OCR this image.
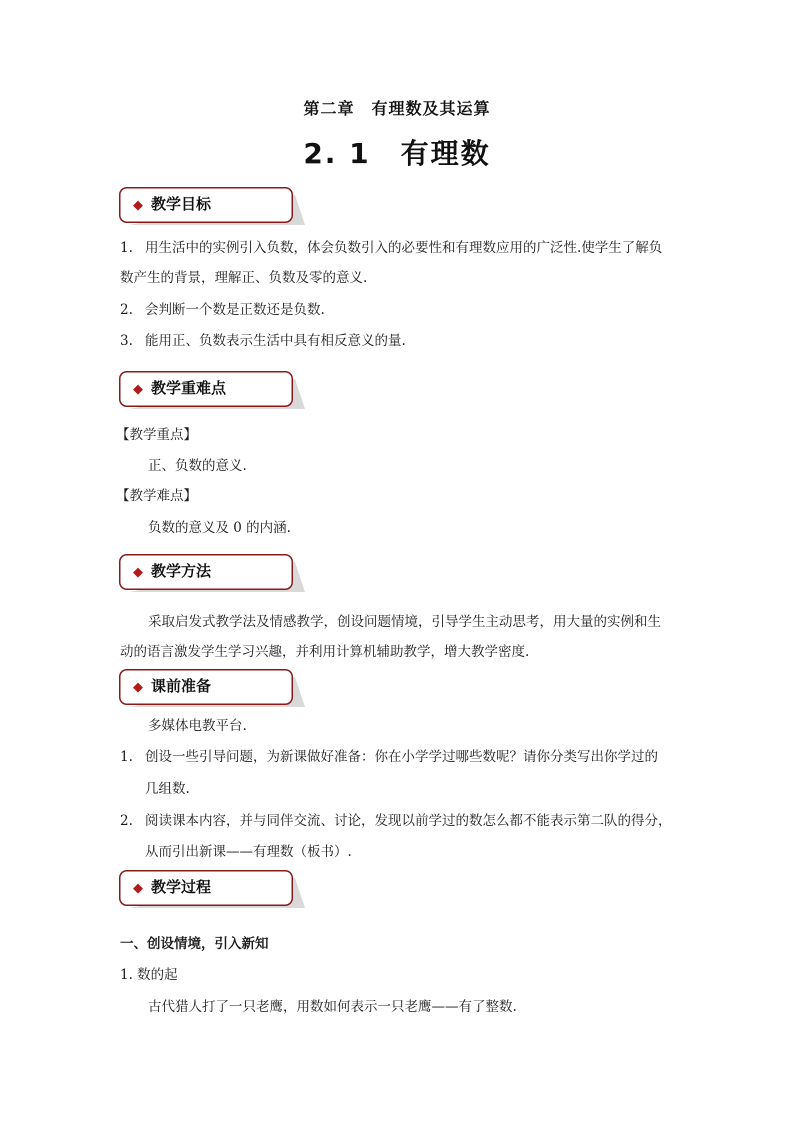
第二章　有理数及其运算
2. 1　有理数
◆ 教学目标
1. 用生活中的实例引入负数，体会负数引入的必要性和有理数应用的广泛性.使学生了解负
数产生的背景，理解正、负数及零的意义.
2. 会判断一个数是正数还是负数.
3. 能用正、负数表示生活中具有相反意义的量.
◆ 教学重难点
【教学重点】
正、负数的意义.
【教学难点】
负数的意义及 0 的内涵.
◆ 教学方法
采取启发式教学法及情感教学，创设问题情境，引导学生主动思考，用大量的实例和生
动的语言激发学生学习兴趣，并利用计算机辅助教学，增大教学密度.
◆ 课前准备
多媒体电教平台.
1. 创设一些引导问题，为新课做好准备：你在小学学过哪些数呢？请你分类写出你学过的
几组数.
2. 阅读课本内容，并与同伴交流、讨论，发现以前学过的数怎么都不能表示第二队的得分，
从而引出新课——有理数（板书）.
◆ 教学过程
一、创设情境，引入新知
1. 数的起
古代猎人打了一只老鹰，用数如何表示一只老鹰——有了整数.
